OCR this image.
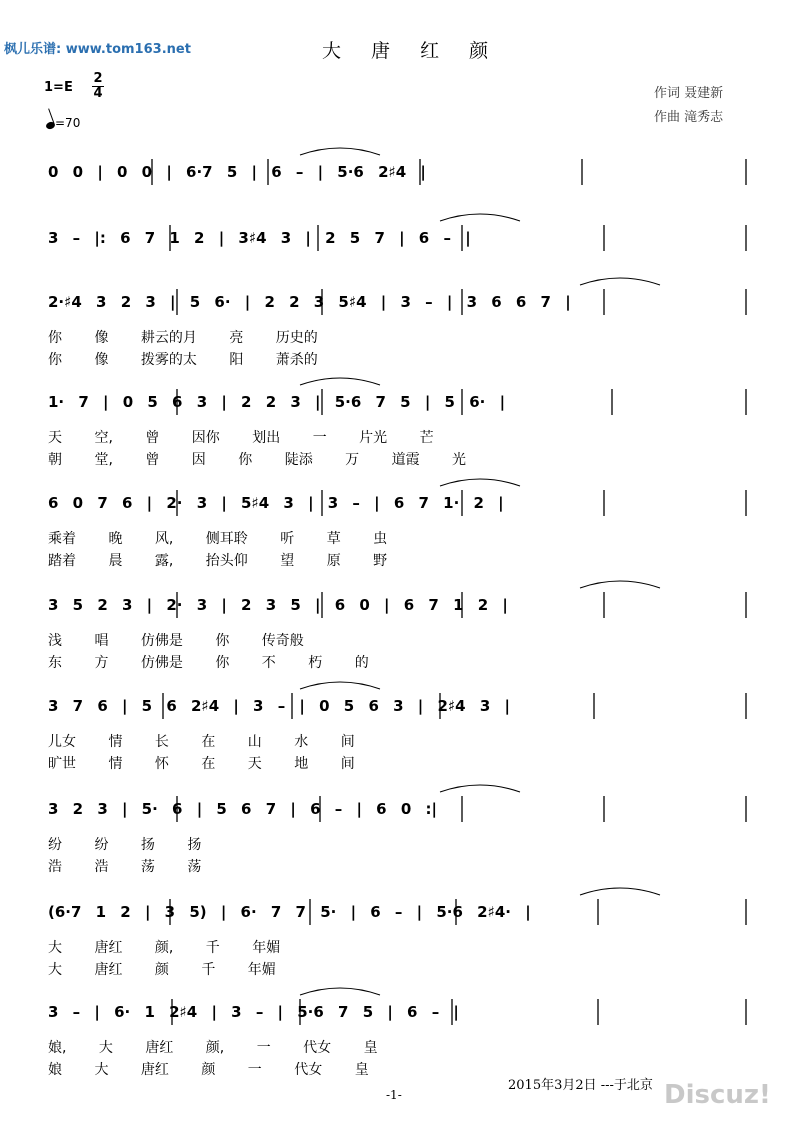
枫儿乐谱: www.tom163.net	大 唐 红 颜
作词 聂建新
作曲 滝秀志
1=E
2
4
=70
0 0 | 0 0 | 6·7 5 | 6 – | 5·6 2♯4 |
3 – |: 6 7 1 2 | 3♯4 3 | 2 5 7 | 6 – |
2·♯4 3 2 3 | 5 6· | 2 2 3 5♯4 | 3 – | 3 6 6 7 |
你 像 耕云的月 亮 历史的
你 像 拨雾的太 阳 萧杀的
1· 7 | 0 5 6 3 | 2 2 3 | 5·6 7 5 | 5 6· |
天 空, 曾 因你 划出 一 片光 芒
朝 堂, 曾 因 你 陡添 万 道霞 光
6 0 7 6 | 2· 3 | 5♯4 3 | 3 – | 6 7 1· 2 |
乘着 晚 风, 侧耳聆 听 草 虫
踏着 晨 露, 抬头仰 望 原 野
3 5 2 3 | 2· 3 | 2 3 5 | 6 0 | 6 7 1 2 |
浅 唱 仿佛是 你 传奇般
东 方 仿佛是 你 不 朽 的
3 7 6 | 5 6 2♯4 | 3 – | 0 5 6 3 | 2♯4 3 |
儿女 情 长 在 山 水 间
旷世 情 怀 在 天 地 间
3 2 3 | 5· 6 | 5 6 7 | 6 – | 6 0 :|
纷 纷 扬 扬
浩 浩 荡 荡
(6·7 1 2 | 3 5) | 6· 7 7 5· | 6 – | 5·6 2♯4· |
大 唐红 颜, 千 年媚
大 唐红 颜 千 年媚
3 – | 6· 1 2♯4 | 3 – | 5·6 7 5 | 6 – |
娘, 大 唐红 颜, 一 代女 皇
娘 大 唐红 颜 一 代女 皇
2015年3月2日 ---于北京
-1-	Discuz!
